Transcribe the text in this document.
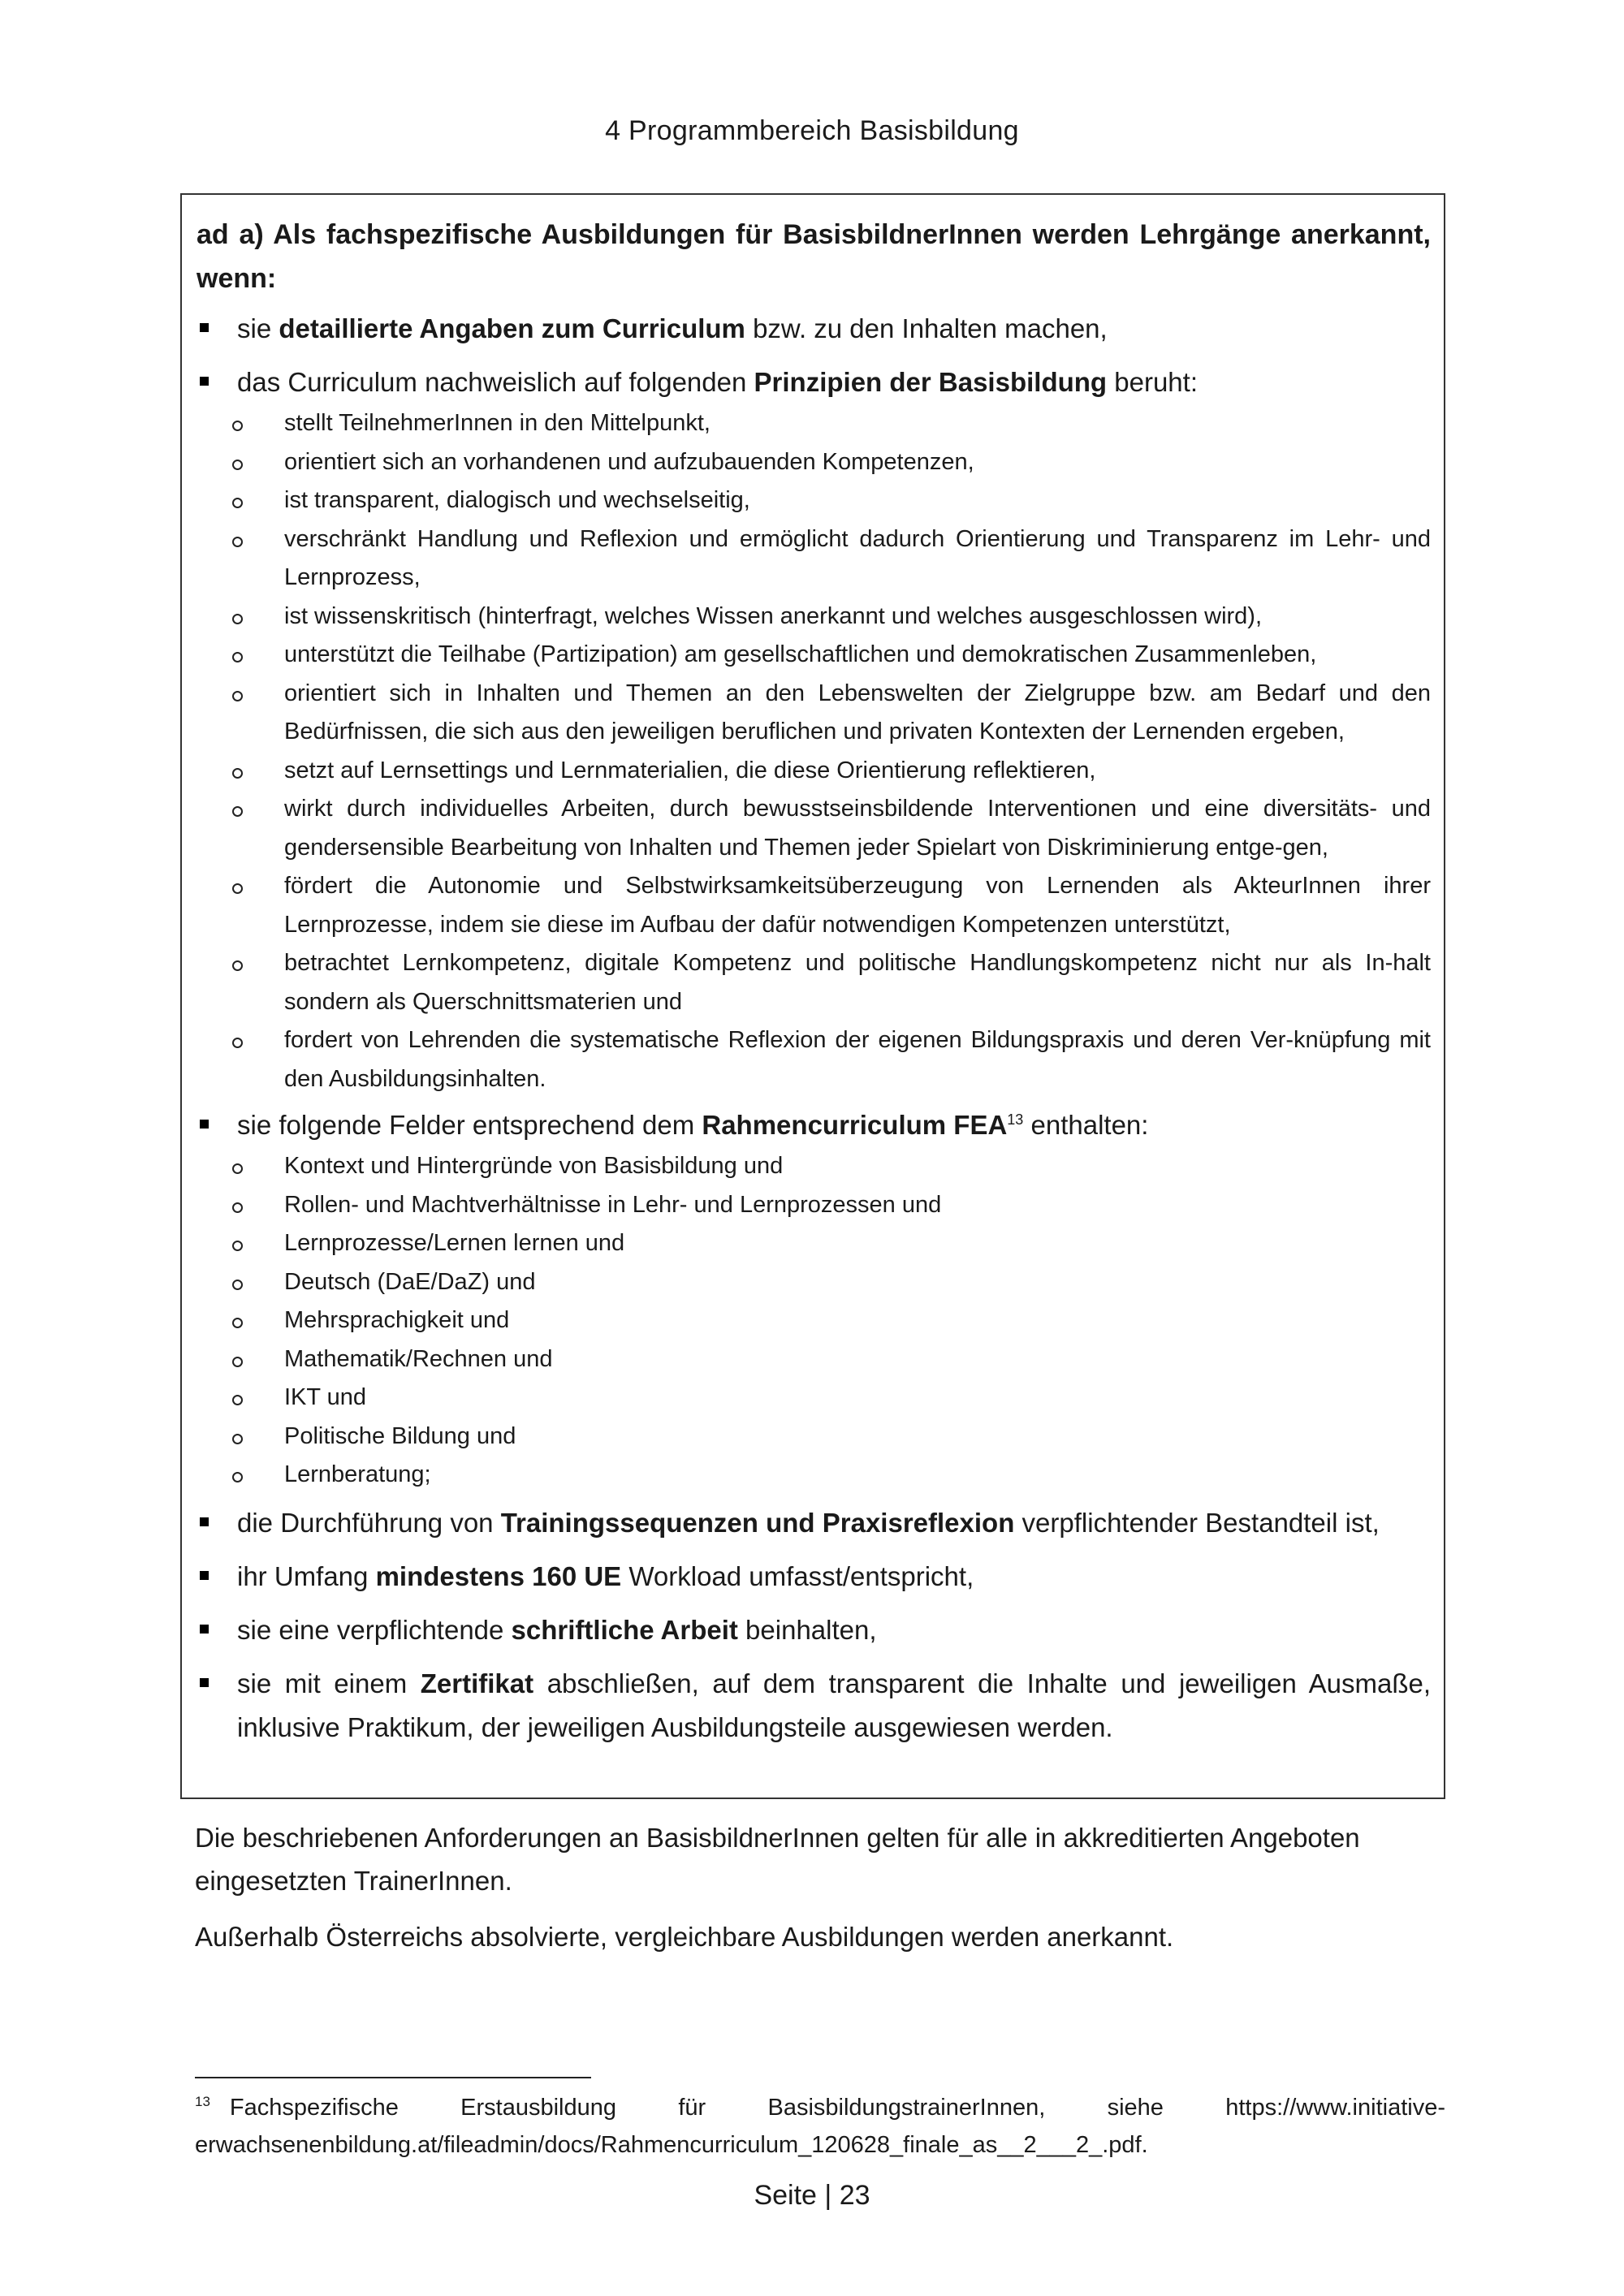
4 Programmbereich Basisbildung
ad a) Als fachspezifische Ausbildungen für BasisbildnerInnen werden Lehrgänge anerkannt, wenn:
sie detaillierte Angaben zum Curriculum bzw. zu den Inhalten machen,
das Curriculum nachweislich auf folgenden Prinzipien der Basisbildung beruht:
stellt TeilnehmerInnen in den Mittelpunkt,
orientiert sich an vorhandenen und aufzubauenden Kompetenzen,
ist transparent, dialogisch und wechselseitig,
verschränkt Handlung und Reflexion und ermöglicht dadurch Orientierung und Transparenz im Lehr- und Lernprozess,
ist wissenskritisch (hinterfragt, welches Wissen anerkannt und welches ausgeschlossen wird),
unterstützt die Teilhabe (Partizipation) am gesellschaftlichen und demokratischen Zusammenleben,
orientiert sich in Inhalten und Themen an den Lebenswelten der Zielgruppe bzw. am Bedarf und den Bedürfnissen, die sich aus den jeweiligen beruflichen und privaten Kontexten der Lernenden ergeben,
setzt auf Lernsettings und Lernmaterialien, die diese Orientierung reflektieren,
wirkt durch individuelles Arbeiten, durch bewusstseinsbildende Interventionen und eine diversitäts- und gendersensible Bearbeitung von Inhalten und Themen jeder Spielart von Diskriminierung entge-gen,
fördert die Autonomie und Selbstwirksamkeitsüberzeugung von Lernenden als AkteurInnen ihrer Lernprozesse, indem sie diese im Aufbau der dafür notwendigen Kompetenzen unterstützt,
betrachtet Lernkompetenz, digitale Kompetenz und politische Handlungskompetenz nicht nur als In-halt sondern als Querschnittsmaterien und
fordert von Lehrenden die systematische Reflexion der eigenen Bildungspraxis und deren Ver-knüpfung mit den Ausbildungsinhalten.
sie folgende Felder entsprechend dem Rahmencurriculum FEA$^{13}$ enthalten:
Kontext und Hintergründe von Basisbildung und
Rollen- und Machtverhältnisse in Lehr- und Lernprozessen und
Lernprozesse/Lernen lernen und
Deutsch (DaE/DaZ) und
Mehrsprachigkeit und
Mathematik/Rechnen und
IKT und
Politische Bildung und
Lernberatung;
die Durchführung von Trainingssequenzen und Praxisreflexion verpflichtender Bestandteil ist,
ihr Umfang mindestens 160 UE Workload umfasst/entspricht,
sie eine verpflichtende schriftliche Arbeit beinhalten,
sie mit einem Zertifikat abschließen, auf dem transparent die Inhalte und jeweiligen Ausmaße, inklusive Praktikum, der jeweiligen Ausbildungsteile ausgewiesen werden.
Die beschriebenen Anforderungen an BasisbildnerInnen gelten für alle in akkreditierten Angeboten eingesetzten TrainerInnen.
Außerhalb Österreichs absolvierte, vergleichbare Ausbildungen werden anerkannt.
$^{13}$ Fachspezifische Erstausbildung für BasisbildungstrainerInnen, siehe https://www.initiative-erwachsenenbildung.at/fileadmin/docs/Rahmencurriculum_120628_finale_as__2___2_.pdf.
Seite | 23
